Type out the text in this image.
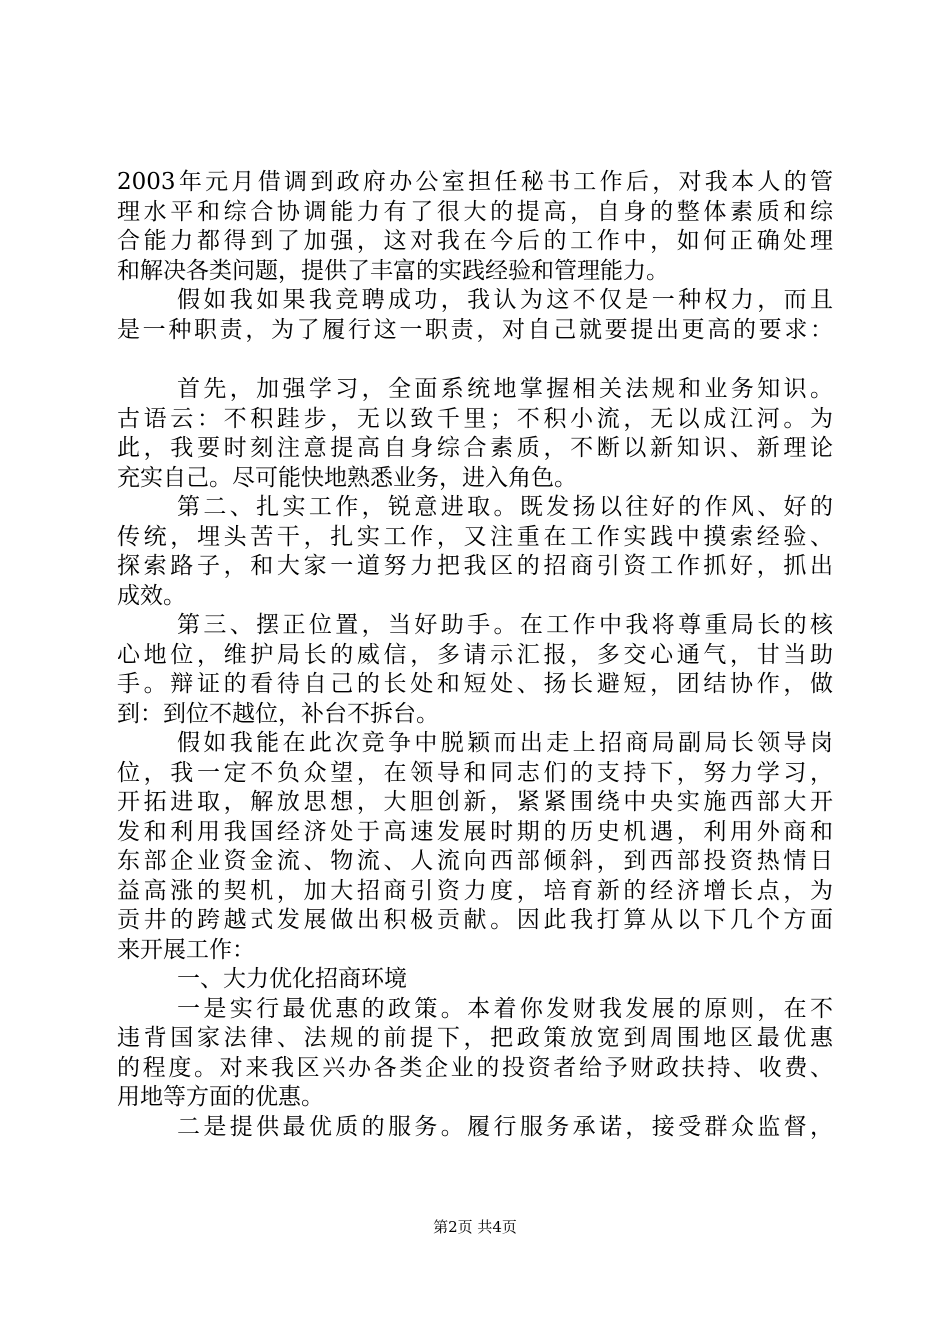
2003年元月借调到政府办公室担任秘书工作后，对我本人的管
理水平和综合协调能力有了很大的提高，自身的整体素质和综
合能力都得到了加强，这对我在今后的工作中，如何正确处理
和解决各类问题，提供了丰富的实践经验和管理能力。
假如我如果我竞聘成功，我认为这不仅是一种权力，而且
是一种职责，为了履行这一职责，对自己就要提出更高的要求：
首先，加强学习，全面系统地掌握相关法规和业务知识。
古语云：不积跬步，无以致千里；不积小流，无以成江河。为
此，我要时刻注意提高自身综合素质，不断以新知识、新理论
充实自己。尽可能快地熟悉业务，进入角色。
第二、扎实工作，锐意进取。既发扬以往好的作风、好的
传统，埋头苦干，扎实工作，又注重在工作实践中摸索经验、
探索路子，和大家一道努力把我区的招商引资工作抓好，抓出
成效。
第三、摆正位置，当好助手。在工作中我将尊重局长的核
心地位，维护局长的威信，多请示汇报，多交心通气，甘当助
手。辩证的看待自己的长处和短处、扬长避短，团结协作，做
到：到位不越位，补台不拆台。
假如我能在此次竞争中脱颖而出走上招商局副局长领导岗
位，我一定不负众望，在领导和同志们的支持下，努力学习，
开拓进取，解放思想，大胆创新，紧紧围绕中央实施西部大开
发和利用我国经济处于高速发展时期的历史机遇，利用外商和
东部企业资金流、物流、人流向西部倾斜，到西部投资热情日
益高涨的契机，加大招商引资力度，培育新的经济增长点，为
贡井的跨越式发展做出积极贡献。因此我打算从以下几个方面
来开展工作：
一、大力优化招商环境
一是实行最优惠的政策。本着你发财我发展的原则，在不
违背国家法律、法规的前提下，把政策放宽到周围地区最优惠
的程度。对来我区兴办各类企业的投资者给予财政扶持、收费、
用地等方面的优惠。
二是提供最优质的服务。履行服务承诺，接受群众监督，
第2页 共4页
